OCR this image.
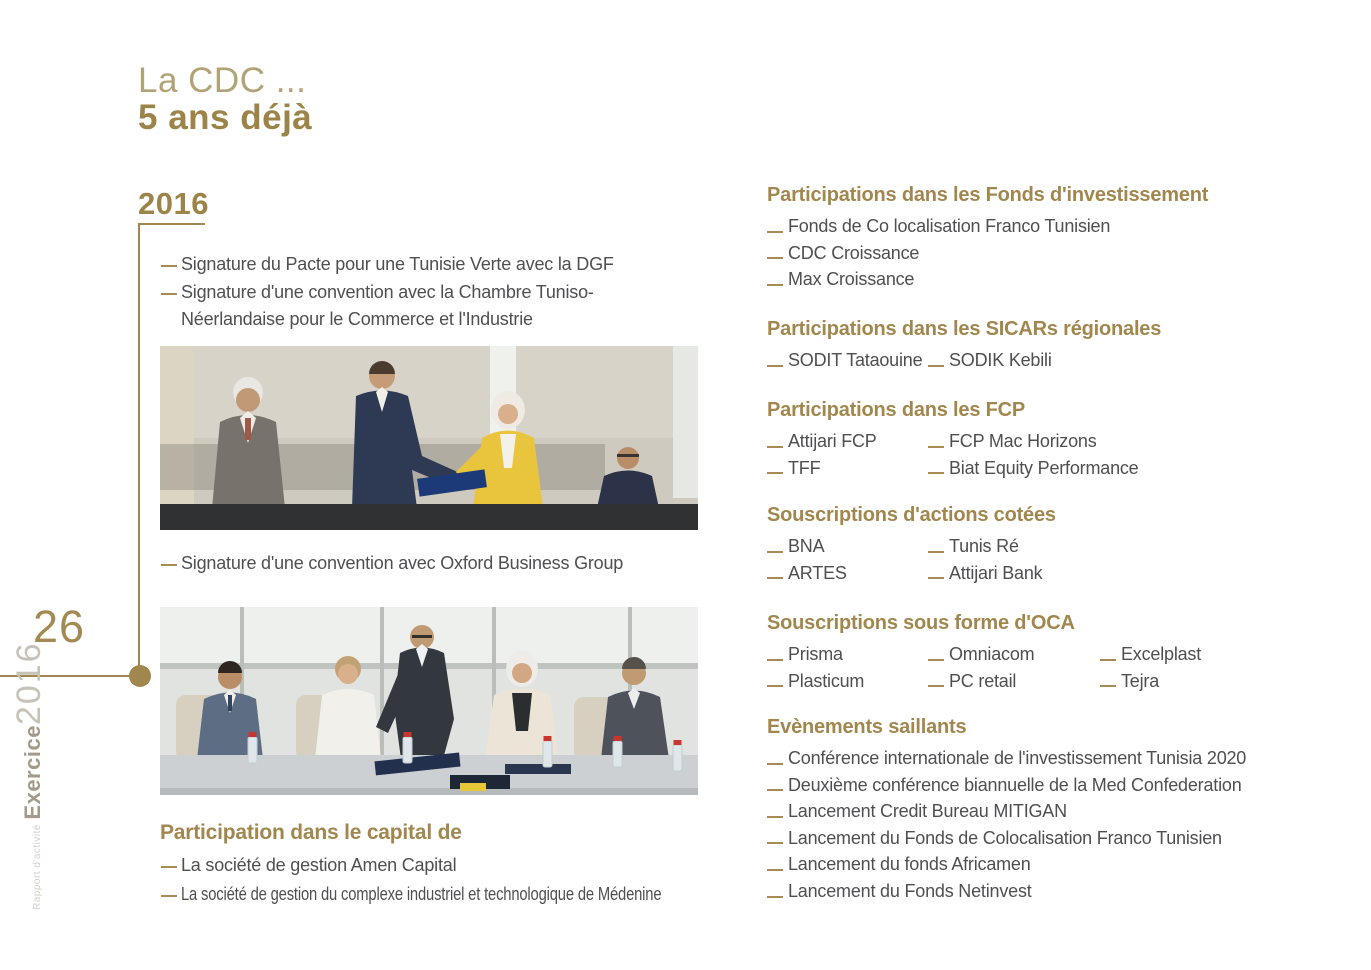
La CDC ...
5 ans déjà
2016
26
Rapport d'activité Exercice2016
Signature du Pacte pour une Tunisie Verte avec la DGF
Signature d'une convention avec la Chambre Tuniso-Néerlandaise pour le Commerce et l'Industrie
Signature d'une convention avec Oxford Business Group
Participation dans le capital de
La société de gestion Amen Capital
La société de gestion du complexe industriel et technologique de Médenine
Participations dans les Fonds d'investissement
Fonds de Co localisation Franco Tunisien
CDC Croissance
Max Croissance
Participations dans les SICARs régionales
SODIT Tataouine SODIK Kebili
Participations dans les FCP
Attijari FCP	FCP Mac Horizons
TFF	Biat Equity Performance
Souscriptions d'actions cotées
BNA	Tunis Ré
ARTES	Attijari Bank
Souscriptions sous forme d'OCA
Prisma	Omniacom	Excelplast
Plasticum	PC retail	Tejra
Evènements saillants
Conférence internationale de l'investissement Tunisia 2020
Deuxième conférence biannuelle de la Med Confederation
Lancement Credit Bureau MITIGAN
Lancement du Fonds de Colocalisation Franco Tunisien
Lancement du fonds Africamen
Lancement du Fonds Netinvest
